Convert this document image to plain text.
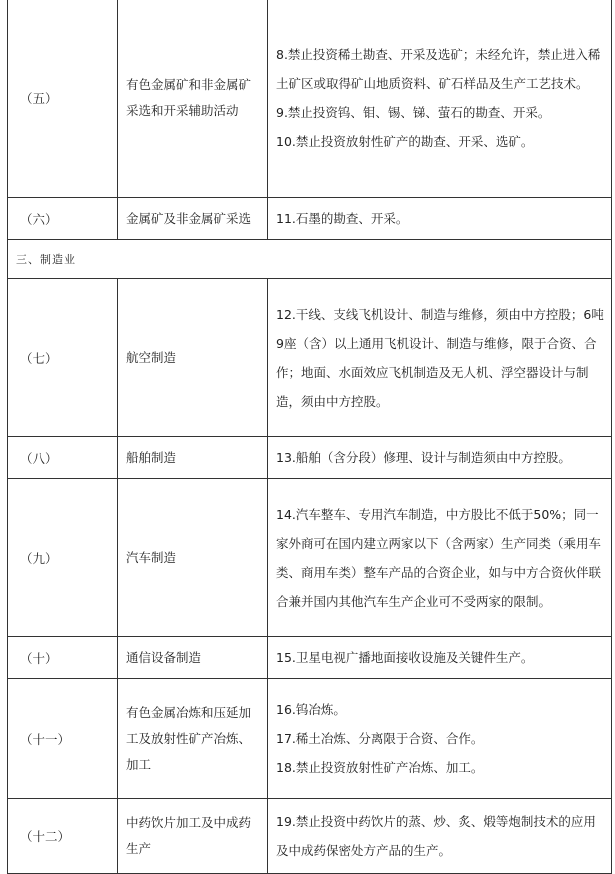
（五）	有色金属矿和非金属矿采选和开采辅助活动	8.禁止投资稀土勘查、开采及选矿；未经允许，禁止进入稀土矿区或取得矿山地质资料、矿石样品及生产工艺技术。
9.禁止投资钨、钼、锡、锑、萤石的勘查、开采。
10.禁止投资放射性矿产的勘查、开采、选矿。

（六）	金属矿及非金属矿采选	11.石墨的勘查、开采。

三、制造业		
（七）	航空制造	12.干线、支线飞机设计、制造与维修，须由中方控股；6吨9座（含）以上通用飞机设计、制造与维修，限于合资、合作；地面、水面效应飞机制造及无人机、浮空器设计与制造，须由中方控股。

（八）	船舶制造	13.船舶（含分段）修理、设计与制造须由中方控股。

（九）	汽车制造	14.汽车整车、专用汽车制造，中方股比不低于50%；同一家外商可在国内建立两家以下（含两家）生产同类（乘用车类、商用车类）整车产品的合资企业，如与中方合资伙伴联合兼并国内其他汽车生产企业可不受两家的限制。

（十）	通信设备制造	15.卫星电视广播地面接收设施及关键件生产。

（十一）	有色金属冶炼和压延加工及放射性矿产冶炼、加工	16.钨冶炼。
17.稀土冶炼、分离限于合资、合作。
18.禁止投资放射性矿产冶炼、加工。

（十二）	中药饮片加工及中成药生产	19.禁止投资中药饮片的蒸、炒、炙、煅等炮制技术的应用及中成药保密处方产品的生产。
